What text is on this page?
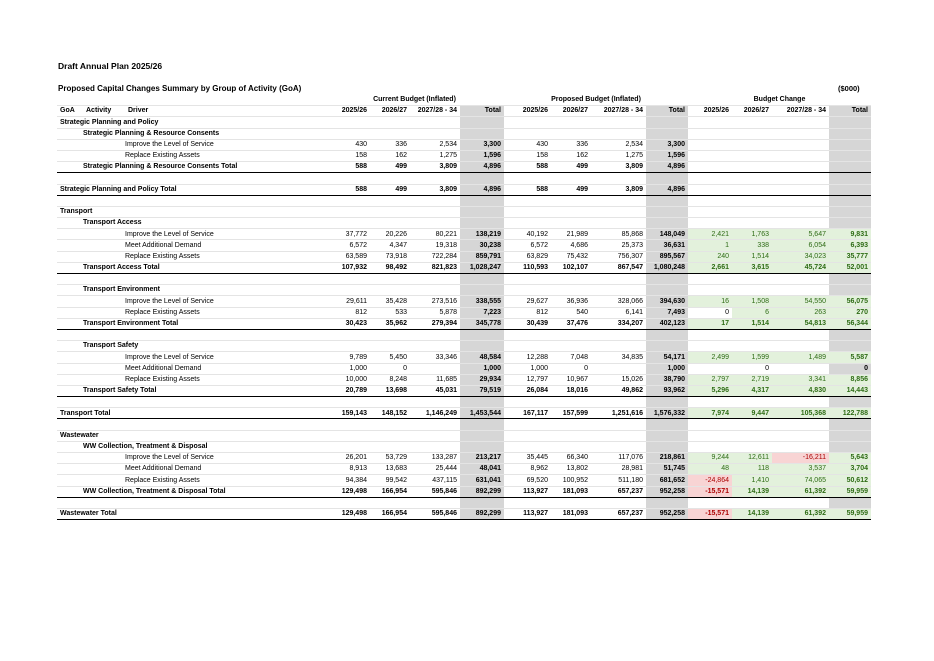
Draft Annual Plan 2025/26
Proposed Capital Changes Summary by Group of Activity (GoA)	($000)
			Current Budget (Inflated)				Proposed Budget (Inflated)				Budget Change			
GoA	Activity	Driver	2025/26	2026/27	2027/28 - 34	Total	2025/26	2026/27	2027/28 - 34	Total	2025/26	2026/27	2027/28 - 34	Total
Strategic Planning and Policy														
Strategic Planning & Resource Consents														
Improve the Level of Service			430	336	2,534	3,300	430	336	2,534	3,300				
Replace Existing Assets			158	162	1,275	1,596	158	162	1,275	1,596				
Strategic Planning & Resource Consents Total			588	499	3,809	4,896	588	499	3,809	4,896				

Strategic Planning and Policy Total			588	499	3,809	4,896	588	499	3,809	4,896				

Transport														
Transport Access														
Improve the Level of Service			37,772	20,226	80,221	138,219	40,192	21,989	85,868	148,049	2,421	1,763	5,647	9,831
Meet Additional Demand			6,572	4,347	19,318	30,238	6,572	4,686	25,373	36,631	1	338	6,054	6,393
Replace Existing Assets			63,589	73,918	722,284	859,791	63,829	75,432	756,307	895,567	240	1,514	34,023	35,777
Transport Access Total			107,932	98,492	821,823	1,028,247	110,593	102,107	867,547	1,080,248	2,661	3,615	45,724	52,001

Transport Environment														
Improve the Level of Service			29,611	35,428	273,516	338,555	29,627	36,936	328,066	394,630	16	1,508	54,550	56,075
Replace Existing Assets			812	533	5,878	7,223	812	540	6,141	7,493	0	6	263	270
Transport Environment Total			30,423	35,962	279,394	345,778	30,439	37,476	334,207	402,123	17	1,514	54,813	56,344

Transport Safety														
Improve the Level of Service			9,789	5,450	33,346	48,584	12,288	7,048	34,835	54,171	2,499	1,599	1,489	5,587
Meet Additional Demand			1,000	0		1,000	1,000	0		1,000		0		0
Replace Existing Assets			10,000	8,248	11,685	29,934	12,797	10,967	15,026	38,790	2,797	2,719	3,341	8,856
Transport Safety Total			20,789	13,698	45,031	79,519	26,084	18,016	49,862	93,962	5,296	4,317	4,830	14,443

Transport Total			159,143	148,152	1,146,249	1,453,544	167,117	157,599	1,251,616	1,576,332	7,974	9,447	105,368	122,788

Wastewater														
WW Collection, Treatment & Disposal														
Improve the Level of Service			26,201	53,729	133,287	213,217	35,445	66,340	117,076	218,861	9,244	12,611	-16,211	5,643
Meet Additional Demand			8,913	13,683	25,444	48,041	8,962	13,802	28,981	51,745	48	118	3,537	3,704
Replace Existing Assets			94,384	99,542	437,115	631,041	69,520	100,952	511,180	681,652	-24,864	1,410	74,065	50,612
WW Collection, Treatment & Disposal Total			129,498	166,954	595,846	892,299	113,927	181,093	657,237	952,258	-15,571	14,139	61,392	59,959

Wastewater Total			129,498	166,954	595,846	892,299	113,927	181,093	657,237	952,258	-15,571	14,139	61,392	59,959
